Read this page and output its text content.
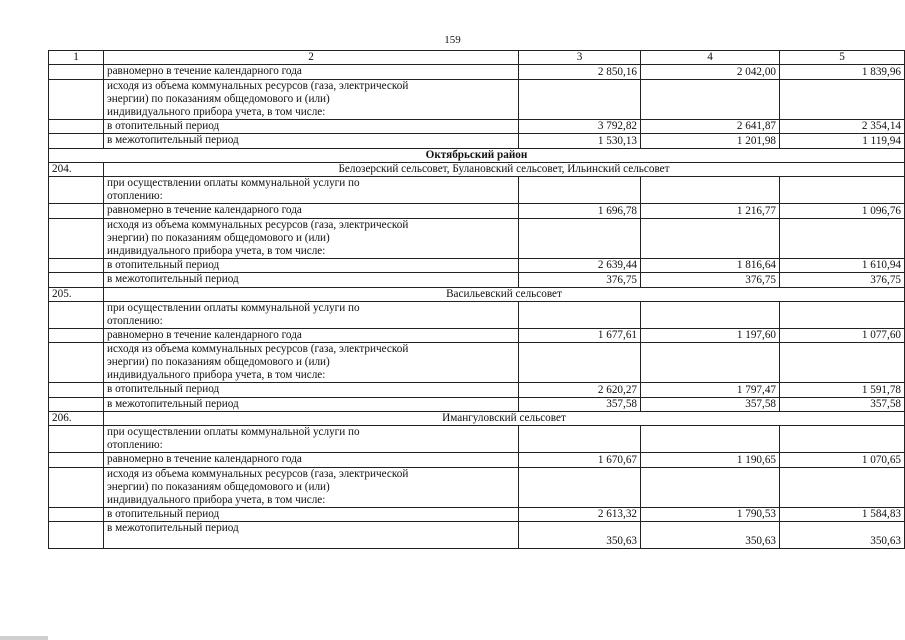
159
1	2	3	4	5
	равномерно в течение календарного года	2 850,16	2 042,00	1 839,96

	исходя из объема коммунальных ресурсов (газа, электрической
энергии) по показаниям общедомового и (или)
индивидуального прибора учета, в том числе:			

	в отопительный период	3 792,82	2 641,87	2 354,14
	в межотопительный период	1 530,13	1 201,98	1 119,94
Октябрьский район				
204.	Белозерский сельсовет, Булановский сельсовет, Ильинский сельсовет			

	при осуществлении оплаты коммунальной услуги по
отоплению:			

	равномерно в течение календарного года	1 696,78	1 216,77	1 096,76

	исходя из объема коммунальных ресурсов (газа, электрической
энергии) по показаниям общедомового и (или)
индивидуального прибора учета, в том числе:			

	в отопительный период	2 639,44	1 816,64	1 610,94
	в межотопительный период	376,75	376,75	376,75
205.	Васильевский сельсовет			

	при осуществлении оплаты коммунальной услуги по
отоплению:			

	равномерно в течение календарного года	1 677,61	1 197,60	1 077,60

	исходя из объема коммунальных ресурсов (газа, электрической
энергии) по показаниям общедомового и (или)
индивидуального прибора учета, в том числе:			

	в отопительный период	2 620,27	1 797,47	1 591,78
	в межотопительный период	357,58	357,58	357,58
206.	Имангуловский сельсовет			

	при осуществлении оплаты коммунальной услуги по
отоплению:			

	равномерно в течение календарного года	1 670,67	1 190,65	1 070,65

	исходя из объема коммунальных ресурсов (газа, электрической
энергии) по показаниям общедомового и (или)
индивидуального прибора учета, в том числе:			

	в отопительный период	2 613,32	1 790,53	1 584,83
	в межотопительный период	350,63	350,63	350,63
